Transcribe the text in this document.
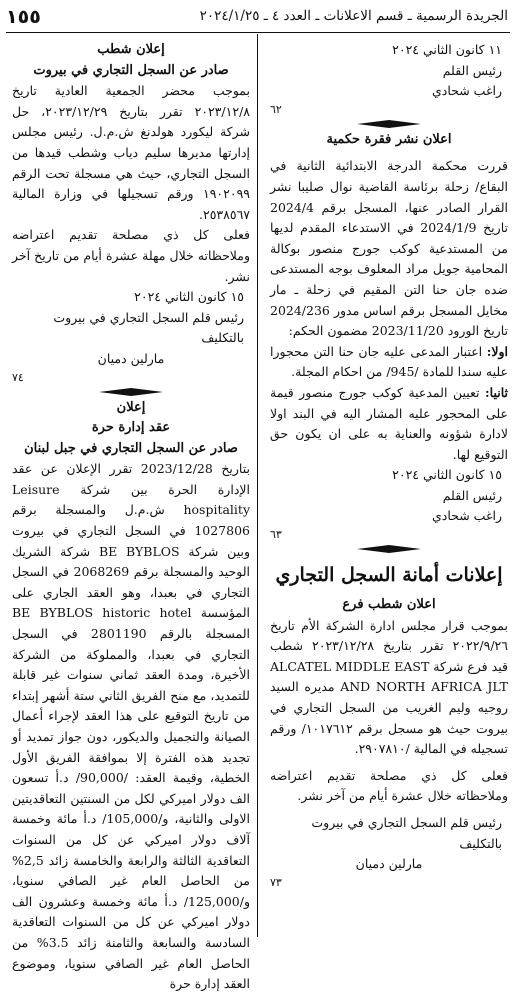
الجريدة الرسمية ـ قسم الاعلانات ـ العدد ٤ ـ ٢٠٢٤/١/٢٥
١٥٥

١١ كانون الثاني ٢٠٢٤

رئيس القلم

راغب شحادي

٦٢

اعلان نشر فقرة حكمية

قررت محكمة الدرجة الابتدائية الثانية في البقاع/ زحلة برئاسة القاضية نوال صليبا نشر القرار الصادر عنها، المسجل برقم 2024/4 تاريخ 2024/1/9 في الاستدعاء المقدم لديها من المستدعية كوكب جورج منصور بوكالة المحامية جويل مراد المعلوف بوجه المستدعى ضده جان حنا التن المقيم في زحلة ـ مار مخايل المسجل برقم اساس مدور 2024/236 تاريخ الورود 2023/11/20 مضمون الحكم:

اولا: اعتبار المدعى عليه جان حنا التن محجورا عليه سندا للمادة /945/ من احكام المجلة.

ثانيا: تعيين المدعية كوكب جورج منصور قيمة على المحجور عليه المشار اليه في البند اولا لادارة شؤونه والعناية به على ان يكون حق التوقيع لها.

١٥ كانون الثاني ٢٠٢٤

رئيس القلم

راغب شحادي

٦٣

إعلانات أمانة السجل التجاري

اعلان شطب فرع

بموجب قرار مجلس ادارة الشركة الأم تاريخ ٢٠٢٢/٩/٢٦ تقرر بتاريخ ٢٠٢٣/١٢/٢٨ شطب قيد فرع شركة ALCATEL MIDDLE EAST AND NORTH AFRICA JLT مديره السيد روجيه وليم الغريب من السجل التجاري في بيروت حيث هو مسجل برقم ١٠١٧٦١٢/ ورقم تسجيله في المالية /٢٩٠٧٨١٠.

فعلى كل ذي مصلحة تقديم اعتراضه وملاحظاته خلال عشرة أيام من آخر نشر.

رئيس قلم السجل التجاري في بيروت بالتكليف

مارلين دميان

٧٣

إعلان شطب

صادر عن السجل التجاري في بيروت

بموجب محضر الجمعية العادية تاريخ ٢٠٢٣/١٢/٨ تقرر بتاريخ ٢٠٢٣/١٢/٢٩، حل شركة ليكورد هولدنغ ش.م.ل. رئيس مجلس إدارتها مديرها سليم دياب وشطب قيدها من السجل التجاري، حيث هي مسجلة تحت الرقم ١٩٠٢٠٩٩ ورقم تسجيلها في وزارة المالية ٢٥٣٨٥٦٧.

فعلى كل ذي مصلحة تقديم اعتراضه وملاحظاته خلال مهلة عشرة أيام من تاريخ آخر نشر.

١٥ كانون الثاني ٢٠٢٤

رئيس قلم السجل التجاري في بيروت بالتكليف

مارلين دميان

٧٤

إعلان

عقد إدارة حرة

صادر عن السجل التجاري في جبل لبنان

بتاريخ 2023/12/28 تقرر الإعلان عن عقد الإدارة الحرة بين شركة Leisure hospitality ش.م.ل والمسجلة برقم 1027806 في السجل التجاري في بيروت وبين شركة BE BYBLOS شركة الشريك الوحيد والمسجلة برقم 2068269 في السجل التجاري في بعبدا، وهو العقد الجاري على المؤسسة BE BYBLOS historic hotel المسجلة بالرقم 2801190 في السجل التجاري في بعبدا، والمملوكة من الشركة الأخيرة، ومدة العقد ثماني سنوات غير قابلة للتمديد، مع منح الفريق الثاني ستة أشهر إبتداء من تاريخ التوقيع على هذا العقد لإجراء أعمال الصيانة والتجميل والديكور، دون جواز تمديد أو تجديد هذه الفترة إلا بموافقة الفريق الأول الخطية، وقيمة العقد: /90,000/ د.أ تسعون الف دولار اميركي لكل من السنتين التعاقديتين الاولى والثانية، و/105,000/ د.أ مائة وخمسة آلاف دولار اميركي عن كل من السنوات التعاقدية الثالثة والرابعة والخامسة زائد 2,5% من الحاصل العام غير الصافي سنويا، و/125,000/ د.أ مائة وخمسة وعشرون الف دولار اميركي عن كل من السنوات التعاقدية السادسة والسابعة والثامنة زائد 3.5% من الحاصل العام غير الصافي سنويا، وموضوع العقد إدارة حرة
